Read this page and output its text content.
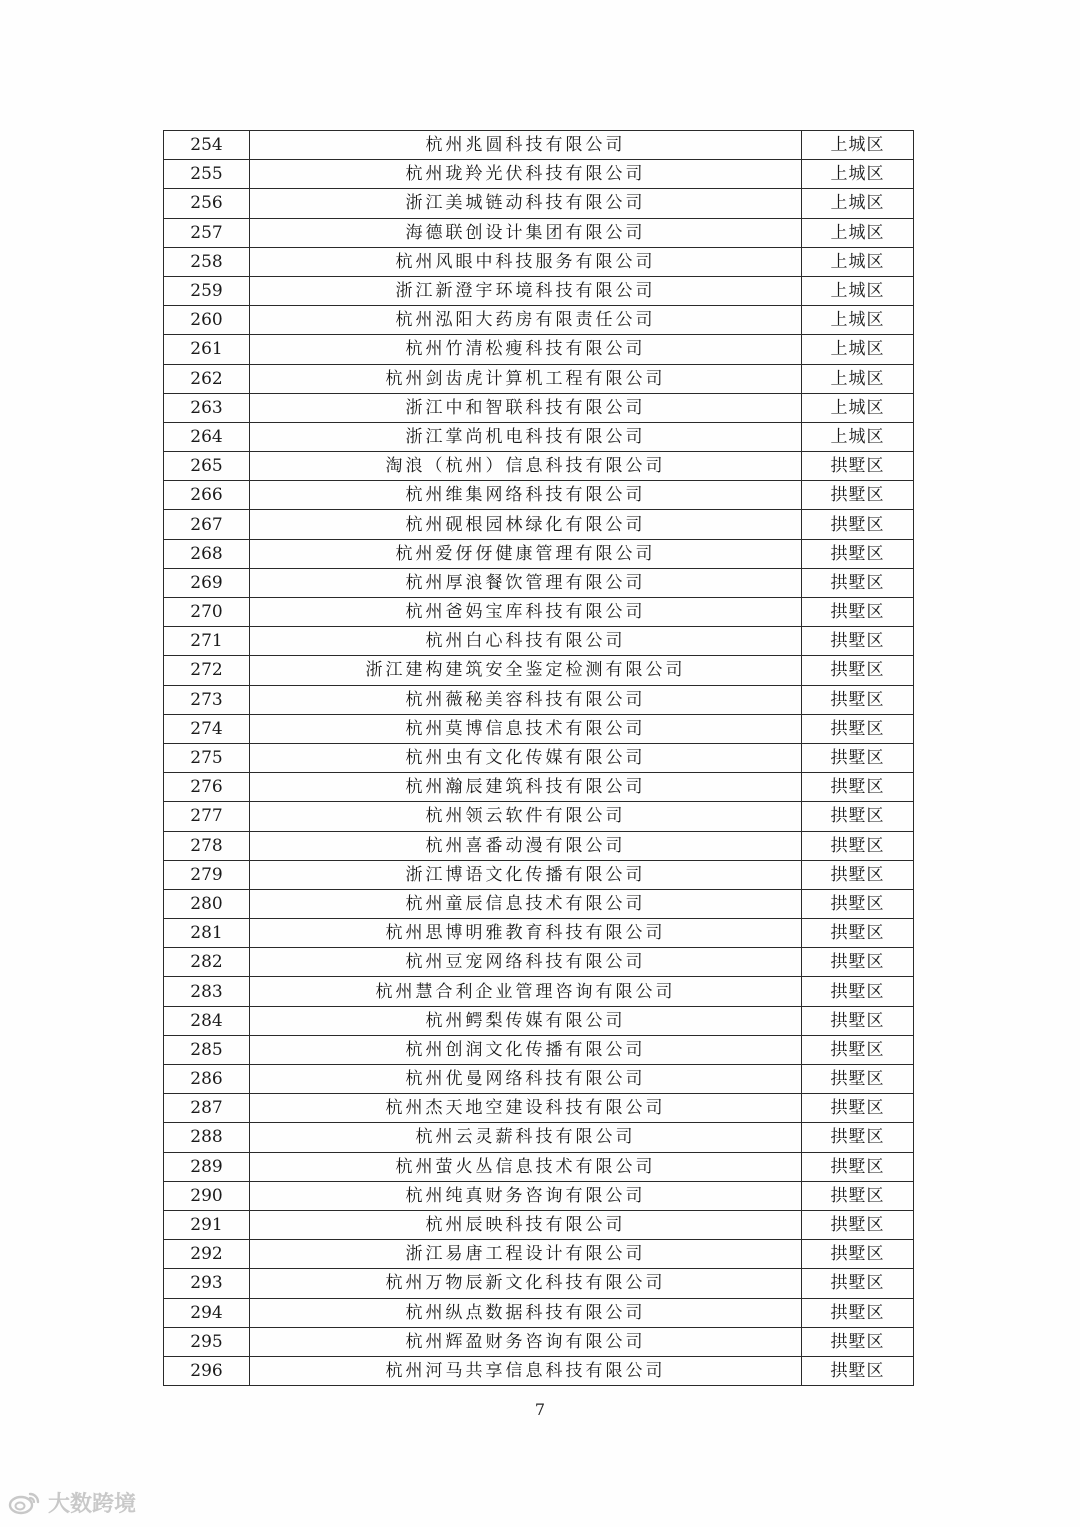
254	杭州兆圆科技有限公司	上城区
255	杭州珑羚光伏科技有限公司	上城区
256	浙江美城链动科技有限公司	上城区
257	海德联创设计集团有限公司	上城区
258	杭州风眼中科技服务有限公司	上城区
259	浙江新澄宇环境科技有限公司	上城区
260	杭州泓阳大药房有限责任公司	上城区
261	杭州竹清松瘦科技有限公司	上城区
262	杭州剑齿虎计算机工程有限公司	上城区
263	浙江中和智联科技有限公司	上城区
264	浙江掌尚机电科技有限公司	上城区
265	淘浪（杭州）信息科技有限公司	拱墅区
266	杭州维集网络科技有限公司	拱墅区
267	杭州砚根园林绿化有限公司	拱墅区
268	杭州爱伢伢健康管理有限公司	拱墅区
269	杭州厚浪餐饮管理有限公司	拱墅区
270	杭州爸妈宝库科技有限公司	拱墅区
271	杭州白心科技有限公司	拱墅区
272	浙江建构建筑安全鉴定检测有限公司	拱墅区
273	杭州薇秘美容科技有限公司	拱墅区
274	杭州莫博信息技术有限公司	拱墅区
275	杭州虫有文化传媒有限公司	拱墅区
276	杭州瀚辰建筑科技有限公司	拱墅区
277	杭州领云软件有限公司	拱墅区
278	杭州喜番动漫有限公司	拱墅区
279	浙江博语文化传播有限公司	拱墅区
280	杭州童辰信息技术有限公司	拱墅区
281	杭州思博明雅教育科技有限公司	拱墅区
282	杭州豆宠网络科技有限公司	拱墅区
283	杭州慧合利企业管理咨询有限公司	拱墅区
284	杭州鳄梨传媒有限公司	拱墅区
285	杭州创润文化传播有限公司	拱墅区
286	杭州优曼网络科技有限公司	拱墅区
287	杭州杰天地空建设科技有限公司	拱墅区
288	杭州云灵薪科技有限公司	拱墅区
289	杭州萤火丛信息技术有限公司	拱墅区
290	杭州纯真财务咨询有限公司	拱墅区
291	杭州辰映科技有限公司	拱墅区
292	浙江易唐工程设计有限公司	拱墅区
293	杭州万物辰新文化科技有限公司	拱墅区
294	杭州纵点数据科技有限公司	拱墅区
295	杭州辉盈财务咨询有限公司	拱墅区
296	杭州河马共享信息科技有限公司	拱墅区
7
大数跨境
